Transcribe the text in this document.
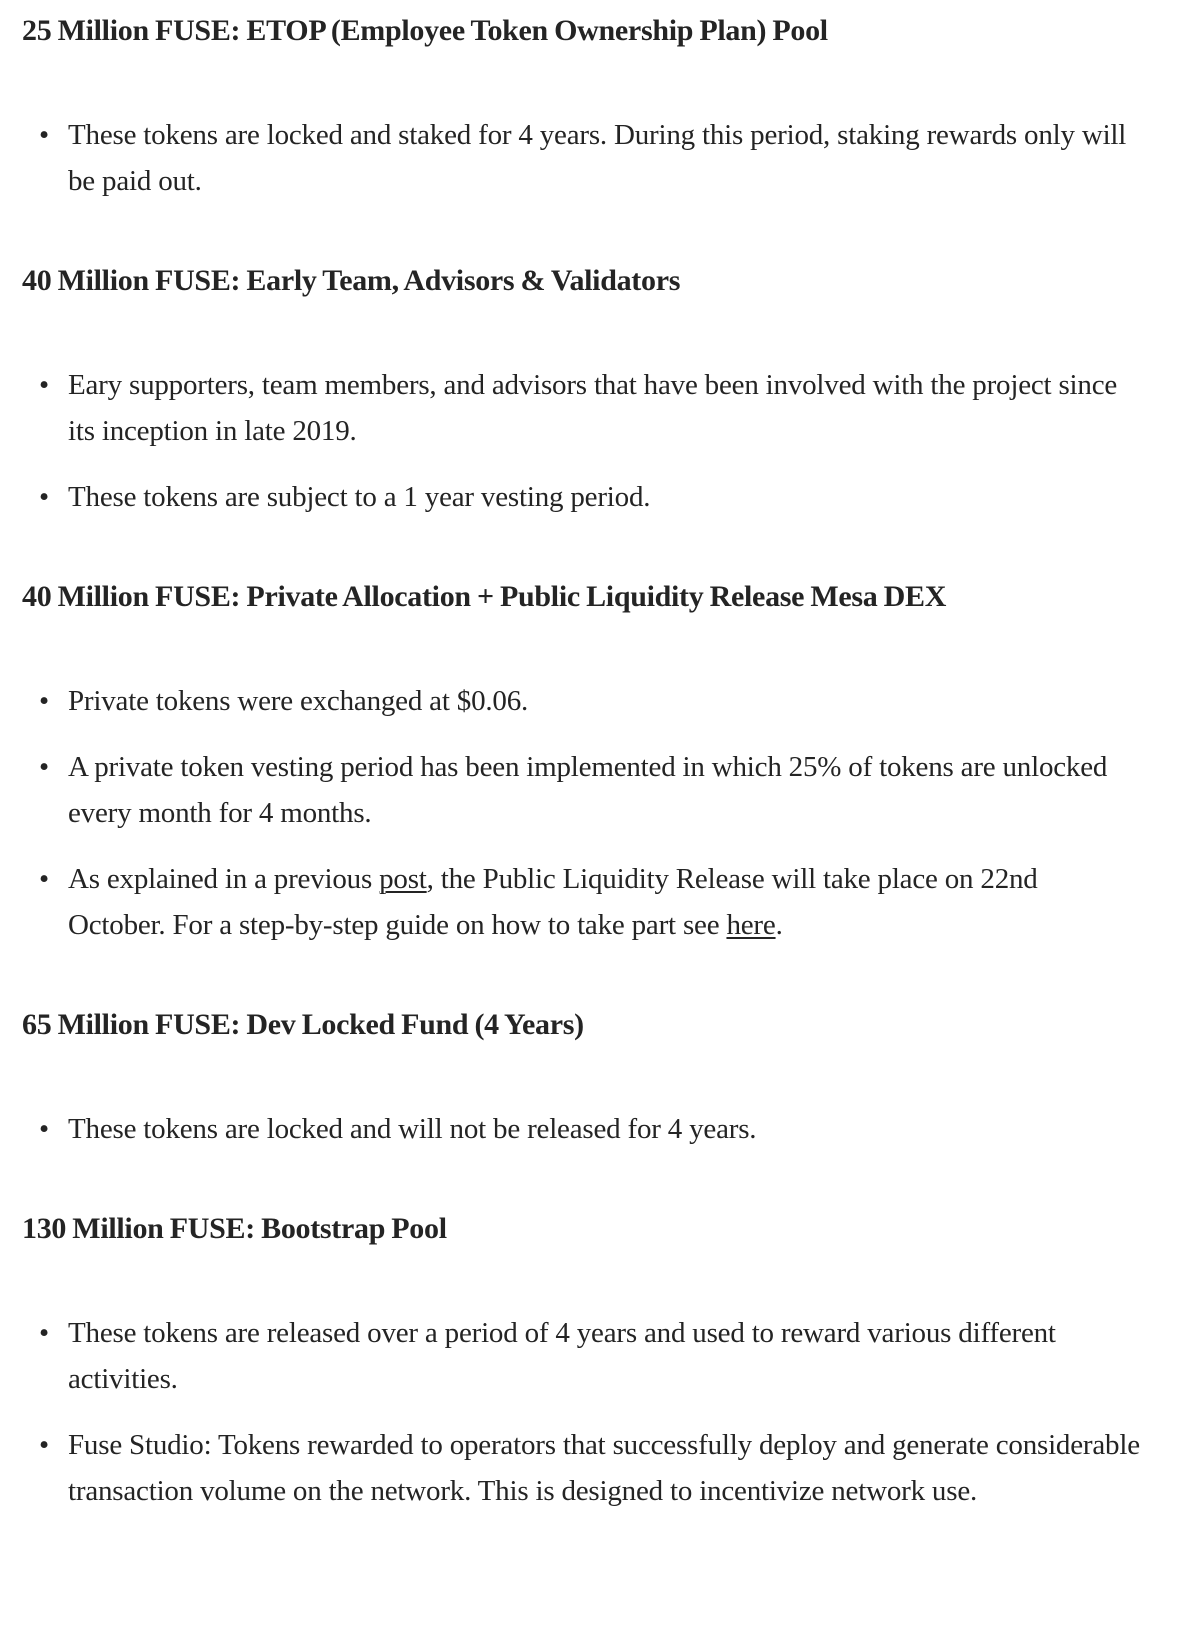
25 Million FUSE: ETOP (Employee Token Ownership Plan) Pool
• These tokens are locked and staked for 4 years. During this period, staking rewards only will be paid out.
40 Million FUSE: Early Team, Advisors & Validators
• Eary supporters, team members, and advisors that have been involved with the project since its inception in late 2019.
• These tokens are subject to a 1 year vesting period.
40 Million FUSE: Private Allocation + Public Liquidity Release Mesa DEX
• Private tokens were exchanged at $0.06.
• A private token vesting period has been implemented in which 25% of tokens are unlocked every month for 4 months.
• As explained in a previous post, the Public Liquidity Release will take place on 22nd October. For a step-by-step guide on how to take part see here.
65 Million FUSE: Dev Locked Fund (4 Years)
• These tokens are locked and will not be released for 4 years.
130 Million FUSE: Bootstrap Pool
• These tokens are released over a period of 4 years and used to reward various different activities.
• Fuse Studio: Tokens rewarded to operators that successfully deploy and generate considerable transaction volume on the network. This is designed to incentivize network use.
